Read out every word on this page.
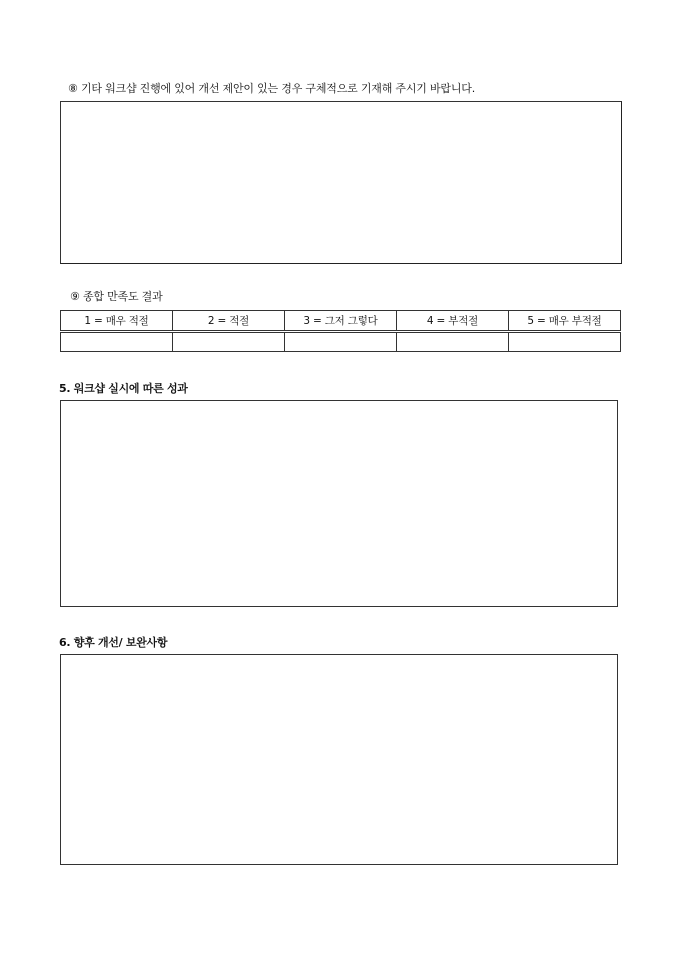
⑧ 기타 워크샵 진행에 있어 개선 제안이 있는 경우 구체적으로 기재해 주시기 바랍니다.
⑨ 종합 만족도 결과
1 = 매우 적절	2 = 적절	3 = 그저 그렇다	4 = 부적절	5 = 매우 부적절

5. 워크샵 실시에 따른 성과
6. 향후 개선/ 보완사항
